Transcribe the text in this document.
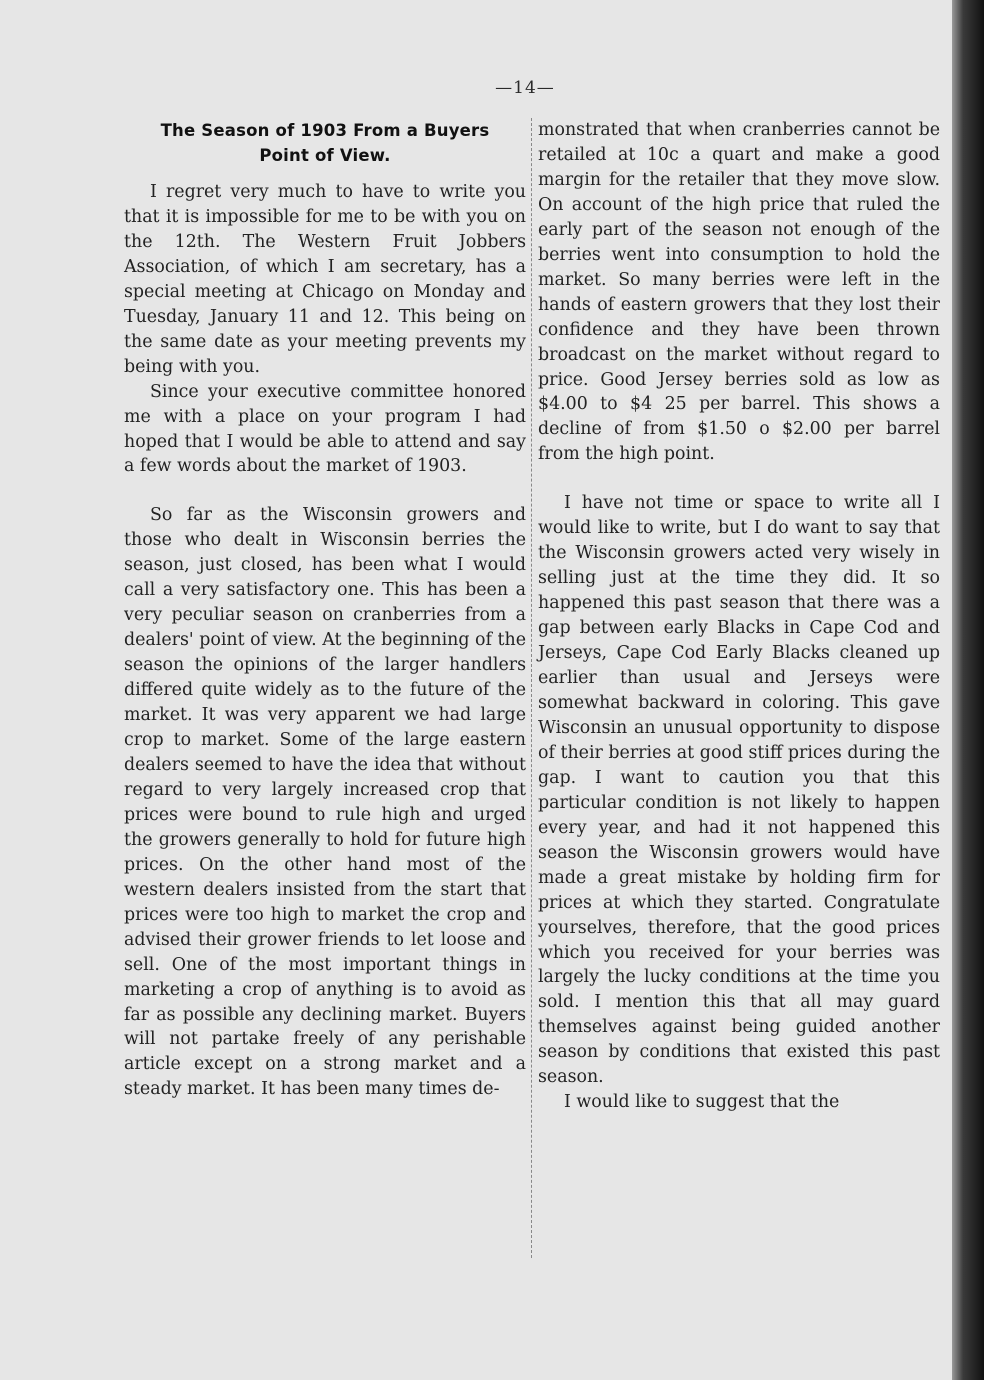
—14—
The Season of 1903 From a Buyers
Point of View.

I regret very much to have to write you that it is impossible for me to be with you on the 12th. The Western Fruit Jobbers Association, of which I am secretary, has a special meeting at Chicago on Monday and Tuesday, January 11 and 12. This being on the same date as your meeting prevents my being with you.

Since your executive committee honored me with a place on your program I had hoped that I would be able to attend and say a few words about the market of 1903.

So far as the Wisconsin growers and those who dealt in Wisconsin berries the season, just closed, has been what I would call a very satisfactory one. This has been a very peculiar season on cranberries from a dealers' point of view. At the beginning of the season the opinions of the larger handlers differed quite widely as to the future of the market. It was very apparent we had large crop to market. Some of the large eastern dealers seemed to have the idea that without regard to very largely increased crop that prices were bound to rule high and urged the growers generally to hold for future high prices. On the other hand most of the western dealers insisted from the start that prices were too high to market the crop and advised their grower friends to let loose and sell. One of the most important things in marketing a crop of anything is to avoid as far as possible any declining market. Buyers will not partake freely of any perishable article except on a strong market and a steady market. It has been many times de-

monstrated that when cranberries cannot be retailed at 10c a quart and make a good margin for the retailer that they move slow. On account of the high price that ruled the early part of the season not enough of the berries went into consumption to hold the market. So many berries were left in the hands of eastern growers that they lost their confidence and they have been thrown broadcast on the market without regard to price. Good Jersey berries sold as low as $4.00 to $4 25 per barrel. This shows a decline of from $1.50 o $2.00 per barrel from the high point.

I have not time or space to write all I would like to write, but I do want to say that the Wisconsin growers acted very wisely in selling just at the time they did. It so happened this past season that there was a gap between early Blacks in Cape Cod and Jerseys, Cape Cod Early Blacks cleaned up earlier than usual and Jerseys were somewhat backward in coloring. This gave Wisconsin an unusual opportunity to dispose of their berries at good stiff prices during the gap. I want to caution you that this particular condition is not likely to happen every year, and had it not happened this season the Wisconsin growers would have made a great mistake by holding firm for prices at which they started. Congratulate yourselves, therefore, that the good prices which you received for your berries was largely the lucky conditions at the time you sold. I mention this that all may guard themselves against being guided another season by conditions that existed this past season.

I would like to suggest that the
